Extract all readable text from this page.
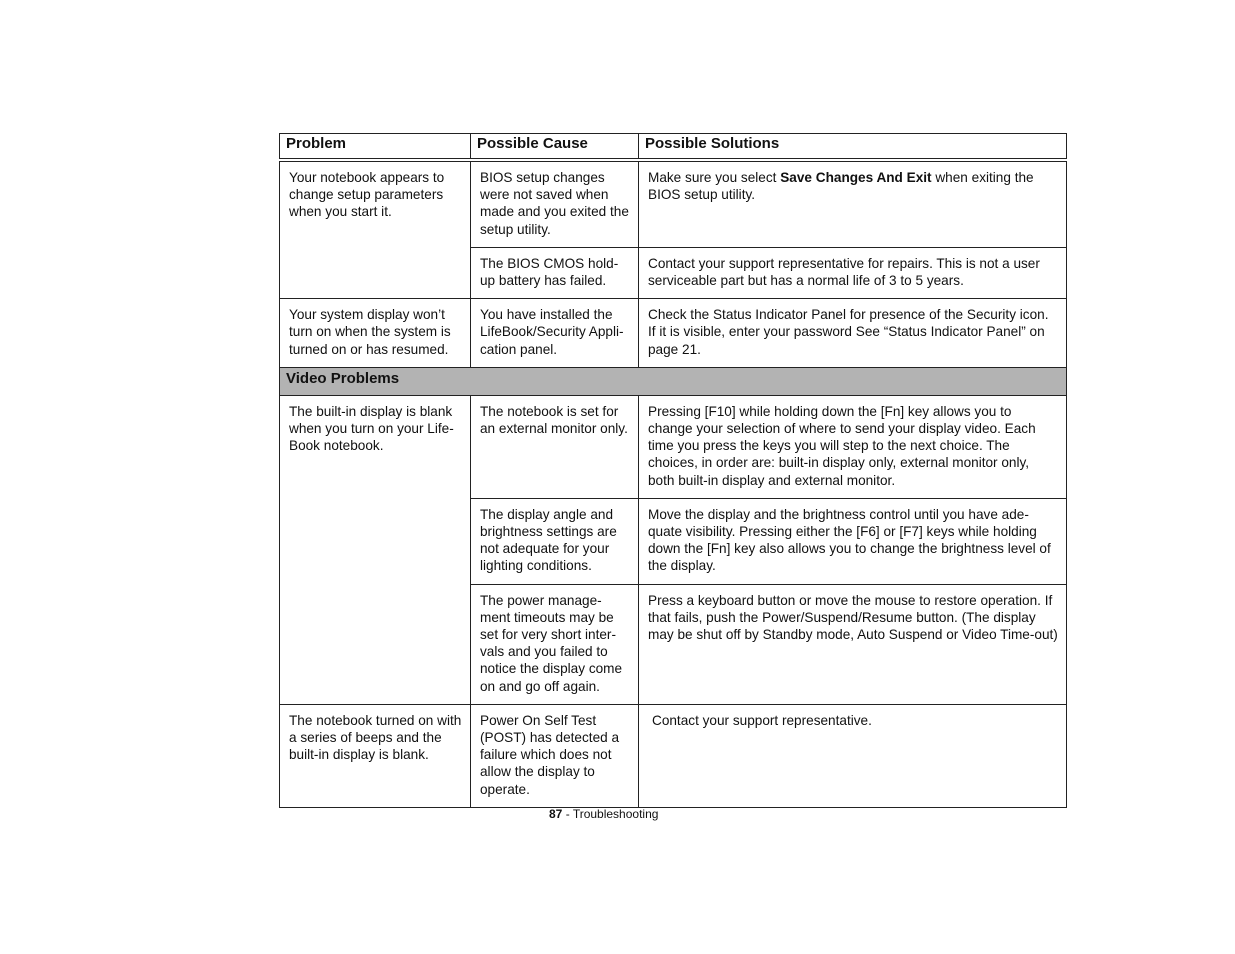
Problem	Possible Cause	Possible Solutions
Your notebook appears to change setup parameters when you start it.	BIOS setup changes were not saved when made and you exited the setup utility.	Make sure you select Save Changes And Exit when exiting the BIOS setup utility.
	The BIOS CMOS hold-up battery has failed.	Contact your support representative for repairs. This is not a user serviceable part but has a normal life of 3 to 5 years.
Your system display won’t turn on when the system is turned on or has resumed.	You have installed the LifeBook/Security Appli-cation panel.	Check the Status Indicator Panel for presence of the Security icon. If it is visible, enter your password See “Status Indicator Panel” on page 21.
Video Problems		
The built-in display is blank when you turn on your Life-Book notebook.	The notebook is set for an external monitor only.	Pressing [F10] while holding down the [Fn] key allows you to change your selection of where to send your display video. Each time you press the keys you will step to the next choice. The choices, in order are: built-in display only, external monitor only, both built-in display and external monitor.
	The display angle and brightness settings are not adequate for your lighting conditions.	Move the display and the brightness control until you have ade-quate visibility. Pressing either the [F6] or [F7] keys while holding down the [Fn] key also allows you to change the brightness level of the display.
	The power manage-ment timeouts may be set for very short inter-vals and you failed to notice the display come on and go off again.	Press a keyboard button or move the mouse to restore operation. If that fails, push the Power/Suspend/Resume button. (The display may be shut off by Standby mode, Auto Suspend or Video Time-out)
The notebook turned on with a series of beeps and the built-in display is blank.	Power On Self Test (POST) has detected a failure which does not allow the display to operate.	Contact your support representative.
87 - Troubleshooting
